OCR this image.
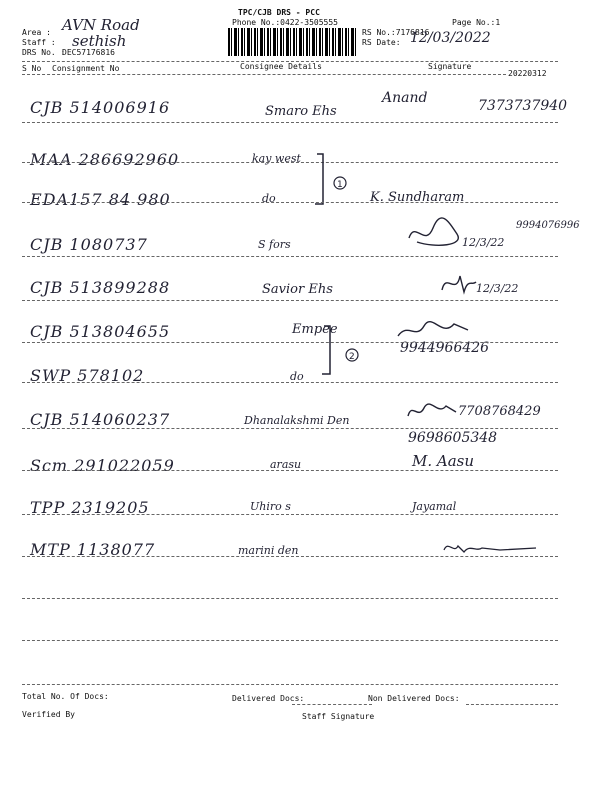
Area : AVN Road
Staff : sethish
DRS No. :
DEC57176816
TPC/CJB DRS - PCC
Phone No.:0422-3505555
RS No.:7176816
RS Date: 12/03/2022
Page No.:1
S No Consignment No	Consignee Details	Signature
20220312
CJB 514006916	Smaro Ehs
Anand	7373737940
MAA 286692960	kay west
EDA157 84 980	do	K. Sundharam
1
CJB 1080737	S fors	12/3/22
9994076996
CJB 513899288	Savior Ehs	12/3/22
CJB 513804655	Empee
9944966426
2
SWP 578102	do
CJB 514060237	Dhanalakshmi Den
7708768429
9698605348
Scm 291022059	arasu	M. Aasu
TPP 2319205	Uhiro s	Jayamal
MTP 1138077	marini den
Total No. Of Docs:	Delivered Docs:	Non Delivered Docs:
Verified By	Staff Signature
